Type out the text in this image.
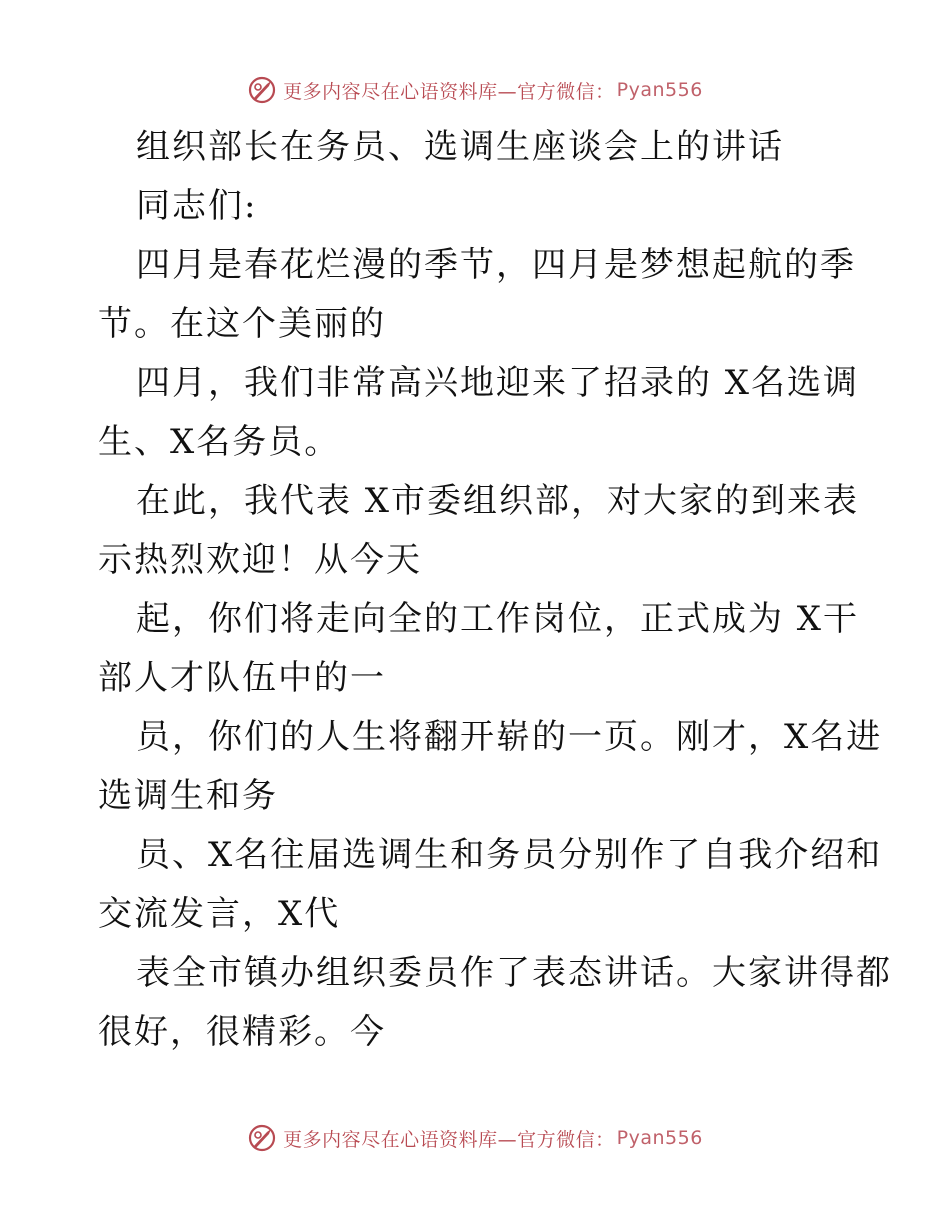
更多内容尽在心语资料库—官方微信： Pyan556
组织部长在务员、选调生座谈会上的讲话
同志们:
四月是春花烂漫的季节，四月是梦想起航的季
节。在这个美丽的
四月，我们非常高兴地迎来了招录的 X名选调
生、X名务员。
在此，我代表 X市委组织部，对大家的到来表
示热烈欢迎！从今天
起，你们将走向全的工作岗位，正式成为 X干
部人才队伍中的一
员，你们的人生将翻开崭的一页。刚才，X名进
选调生和务
员、X名往届选调生和务员分别作了自我介绍和
交流发言，X代
表全市镇办组织委员作了表态讲话。大家讲得都
很好，很精彩。今
更多内容尽在心语资料库—官方微信： Pyan556
